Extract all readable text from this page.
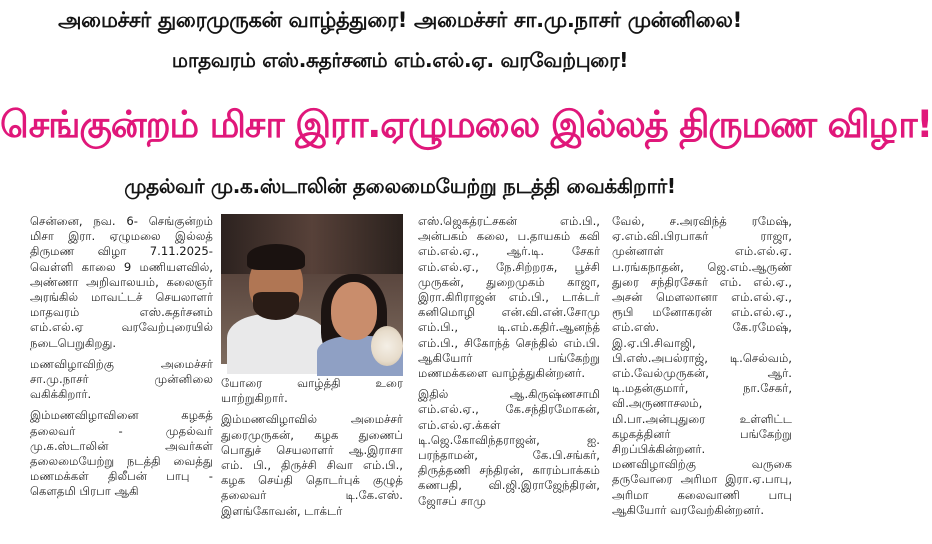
அமைச்சர் துரைமுருகன் வாழ்த்துரை! அமைச்சர் சா.மு.நாசர் முன்னிலை!
மாதவரம் எஸ்.சுதர்சனம் எம்.எல்.ஏ. வரவேற்புரை!
செங்குன்றம் மிசா இரா.ஏழுமலை இல்லத் திருமண விழா!
முதல்வர் மு.க.ஸ்டாலின் தலைமையேற்று நடத்தி வைக்கிறார்!

சென்னை, நவ. 6- செங்குன்றம் மிசா இரா. ஏழுமலை இல்லத் திருமண விழா 7.11.2025- வெள்ளி காலை 9 மணியளவில், அண்ணா அறிவாலயம், கலைஞர் அரங்கில் மாவட்டச் செயலாளர் மாதவரம் எஸ்.சுதர்சனம் எம்.எல்.ஏ வரவேற்புரையில் நடைபெறுகிறது.

மணவிழாவிற்கு அமைச்சர் சா.மு.நாசர் முன்னிலை வகிக்கிறார்.

இம்மணவிழாவினை கழகத் தலைவர் - முதல்வர் மு.க.ஸ்டாலின் அவர்கள் தலைமையேற்று நடத்தி வைத்து மணமக்கள் திலீபன் பாபு - கௌதமி பிரபா ஆகி

யோரை வாழ்த்தி உரை யாற்றுகிறார்.

இம்மணவிழாவில் அமைச்சர் துரைமுருகன், கழக துணைப் பொதுச் செயலாளர் ஆ.இராசா எம். பி., திருச்சி சிவா எம்.பி., கழக செய்தி தொடர்புக் குழுத் தலைவர் டி.கே.எஸ். இளங்கோவன், டாக்டர்

எஸ்.ஜெகத்ரட்சகன் எம்.பி., அன்பகம் கலை, ப.தாயகம் கவி எம்.எல்.ஏ., ஆர்.டி. சேகர் எம்.எல்.ஏ., நே.சிற்றரசு, பூச்சி முருகன், துறைமுகம் காஜா, இரா.கிரிராஜன் எம்.பி., டாக்டர் கனிமொழி என்.வி.என்.சோமு எம்.பி., டி.எம்.கதிர்.ஆனந்த் எம்.பி., சிகோந்த் செந்தில் எம்.பி. ஆகியோர் பங்கேற்று மணமக்களை வாழ்த்துகின்றனர்.

இதில் ஆ.கிருஷ்ணசாமி எம்.எல்.ஏ., கே.சந்திரமோகன், எம்.எல்.ஏ.க்கள் டி.ஜெ.கோவிந்தராஜன், ஐ. பரந்தாமன், கே.பி.சங்கர், திருத்தணி சந்திரன், காரம்பாக்கம் கணபதி, வி.ஜி.இராஜேந்திரன், ஜோசப் சாமு

வேல், ச.அரவிந்த் ரமேஷ், ஏ.எம்.வி.பிரபாகர் ராஜா, முன்னாள் எம்.எல்.ஏ. ப.ரங்கநாதன், ஜெ.எம்.ஆருண் துரை சந்திரசேகர் எம். எல்.ஏ., அசன் மௌலானா எம்.எல்.ஏ., ரூபி மனோகரன் எம்.எல்.ஏ., எம்.எஸ். கே.ரமேஷ், இ.ஏ.பி.சிவாஜி, பி.எஸ்.அபல்ராஜ், டி.செல்வம், எம்.வேல்முருகன், ஆர். டி.மதன்குமார், நா.சேகர், வி.அருணாசலம், மி.பா.அன்புதுரை உள்ளிட்ட கழகத்தினர் பங்கேற்று சிறப்பிக்கின்றனர். மணவிழாவிற்கு வருகை தருவோரை அரிமா இரா.ஏ.பாபு, அரிமா கலைவாணி பாபு ஆகியோர் வரவேற்கின்றனர்.
